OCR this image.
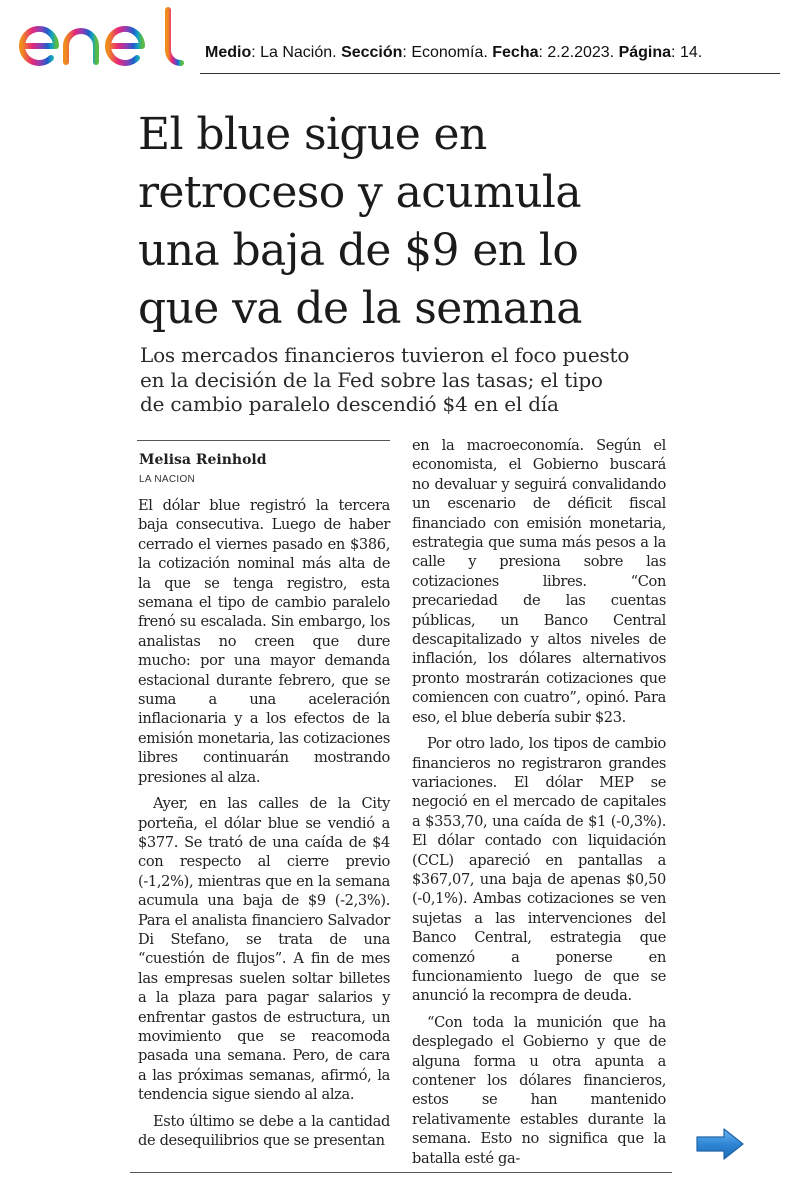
Medio: La Nación. Sección: Economía. Fecha: 2.2.2023. Página: 14.
El blue sigue en
retroceso y acumula
una baja de $9 en lo
que va de la semana

Los mercados financieros tuvieron el foco puesto
en la decisión de la Fed sobre las tasas; el tipo
de cambio paralelo descendió $4 en el día

Melisa Reinhold
LA NACION

El dólar blue registró la tercera baja consecutiva. Luego de haber cerrado el viernes pasado en $386, la cotización nominal más alta de la que se tenga registro, esta semana el tipo de cambio paralelo frenó su escalada. Sin embargo, los analistas no creen que dure mucho: por una mayor demanda estacional durante febrero, que se suma a una aceleración inflacionaria y a los efectos de la emisión monetaria, las cotizaciones libres continuarán mostrando presiones al alza.

Ayer, en las calles de la City porteña, el dólar blue se vendió a $377. Se trató de una caída de $4 con respecto al cierre previo (-1,2%), mientras que en la semana acumula una baja de $9 (-2,3%). Para el analista financiero Salvador Di Stefano, se trata de una “cuestión de flujos”. A fin de mes las empresas suelen soltar billetes a la plaza para pagar salarios y enfrentar gastos de estructura, un movimiento que se reacomoda pasada una semana. Pero, de cara a las próximas semanas, afirmó, la tendencia sigue siendo al alza.

Esto último se debe a la cantidad de desequilibrios que se presentan

en la macroeconomía. Según el economista, el Gobierno buscará no devaluar y seguirá convalidando un escenario de déficit fiscal financiado con emisión monetaria, estrategia que suma más pesos a la calle y presiona sobre las cotizaciones libres. “Con precariedad de las cuentas públicas, un Banco Central descapitalizado y altos niveles de inflación, los dólares alternativos pronto mostrarán cotizaciones que comiencen con cuatro”, opinó. Para eso, el blue debería subir $23.

Por otro lado, los tipos de cambio financieros no registraron grandes variaciones. El dólar MEP se negoció en el mercado de capitales a $353,70, una caída de $1 (-0,3%). El dólar contado con liquidación (CCL) apareció en pantallas a $367,07, una baja de apenas $0,50 (-0,1%). Ambas cotizaciones se ven sujetas a las intervenciones del Banco Central, estrategia que comenzó a ponerse en funcionamiento luego de que se anunció la recompra de deuda.

“Con toda la munición que ha desplegado el Gobierno y que de alguna forma u otra apunta a contener los dólares financieros, estos se han mantenido relativamente estables durante la semana. Esto no significa que la batalla esté ga-
